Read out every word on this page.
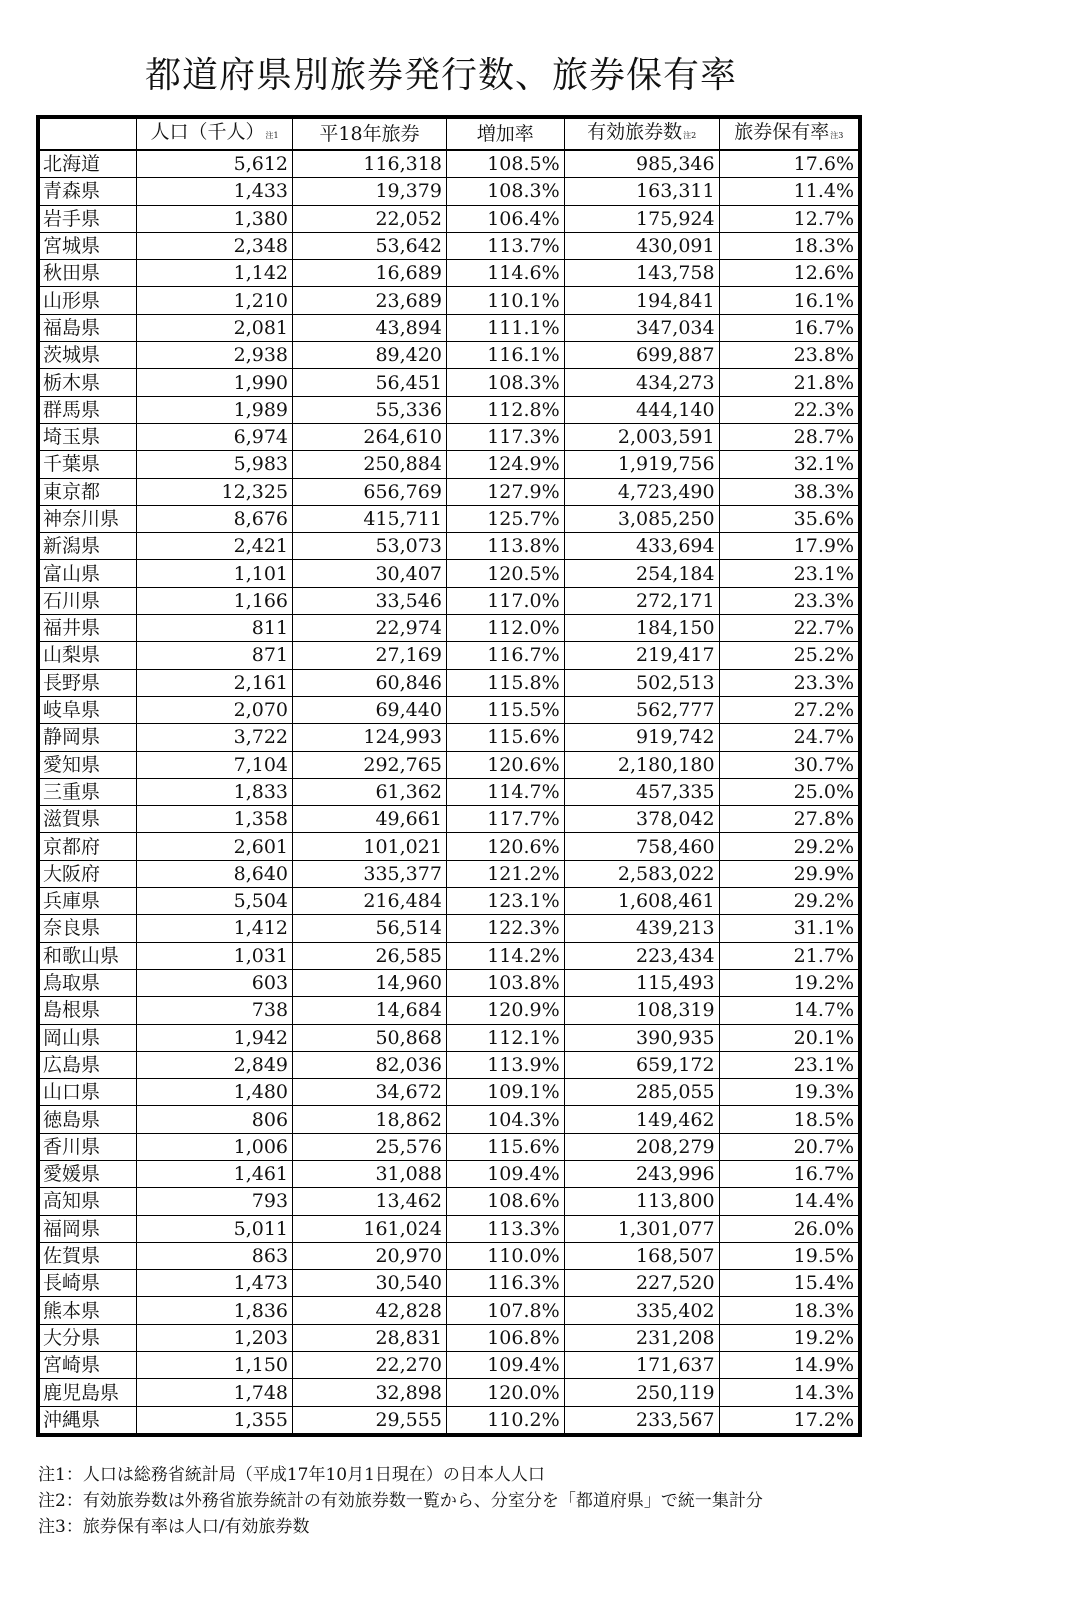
都道府県別旅券発行数、旅券保有率
	人口（千人）注1	平18年旅券	増加率	有効旅券数注2	旅券保有率注3
北海道	5,612	116,318	108.5%	985,346	17.6%
青森県	1,433	19,379	108.3%	163,311	11.4%
岩手県	1,380	22,052	106.4%	175,924	12.7%
宮城県	2,348	53,642	113.7%	430,091	18.3%
秋田県	1,142	16,689	114.6%	143,758	12.6%
山形県	1,210	23,689	110.1%	194,841	16.1%
福島県	2,081	43,894	111.1%	347,034	16.7%
茨城県	2,938	89,420	116.1%	699,887	23.8%
栃木県	1,990	56,451	108.3%	434,273	21.8%
群馬県	1,989	55,336	112.8%	444,140	22.3%
埼玉県	6,974	264,610	117.3%	2,003,591	28.7%
千葉県	5,983	250,884	124.9%	1,919,756	32.1%
東京都	12,325	656,769	127.9%	4,723,490	38.3%
神奈川県	8,676	415,711	125.7%	3,085,250	35.6%
新潟県	2,421	53,073	113.8%	433,694	17.9%
富山県	1,101	30,407	120.5%	254,184	23.1%
石川県	1,166	33,546	117.0%	272,171	23.3%
福井県	811	22,974	112.0%	184,150	22.7%
山梨県	871	27,169	116.7%	219,417	25.2%
長野県	2,161	60,846	115.8%	502,513	23.3%
岐阜県	2,070	69,440	115.5%	562,777	27.2%
静岡県	3,722	124,993	115.6%	919,742	24.7%
愛知県	7,104	292,765	120.6%	2,180,180	30.7%
三重県	1,833	61,362	114.7%	457,335	25.0%
滋賀県	1,358	49,661	117.7%	378,042	27.8%
京都府	2,601	101,021	120.6%	758,460	29.2%
大阪府	8,640	335,377	121.2%	2,583,022	29.9%
兵庫県	5,504	216,484	123.1%	1,608,461	29.2%
奈良県	1,412	56,514	122.3%	439,213	31.1%
和歌山県	1,031	26,585	114.2%	223,434	21.7%
鳥取県	603	14,960	103.8%	115,493	19.2%
島根県	738	14,684	120.9%	108,319	14.7%
岡山県	1,942	50,868	112.1%	390,935	20.1%
広島県	2,849	82,036	113.9%	659,172	23.1%
山口県	1,480	34,672	109.1%	285,055	19.3%
徳島県	806	18,862	104.3%	149,462	18.5%
香川県	1,006	25,576	115.6%	208,279	20.7%
愛媛県	1,461	31,088	109.4%	243,996	16.7%
高知県	793	13,462	108.6%	113,800	14.4%
福岡県	5,011	161,024	113.3%	1,301,077	26.0%
佐賀県	863	20,970	110.0%	168,507	19.5%
長崎県	1,473	30,540	116.3%	227,520	15.4%
熊本県	1,836	42,828	107.8%	335,402	18.3%
大分県	1,203	28,831	106.8%	231,208	19.2%
宮崎県	1,150	22,270	109.4%	171,637	14.9%
鹿児島県	1,748	32,898	120.0%	250,119	14.3%
沖縄県	1,355	29,555	110.2%	233,567	17.2%
注1：人口は総務省統計局（平成17年10月1日現在）の日本人人口
注2：有効旅券数は外務省旅券統計の有効旅券数一覧から、分室分を「都道府県」で統一集計分
注3：旅券保有率は人口/有効旅券数
